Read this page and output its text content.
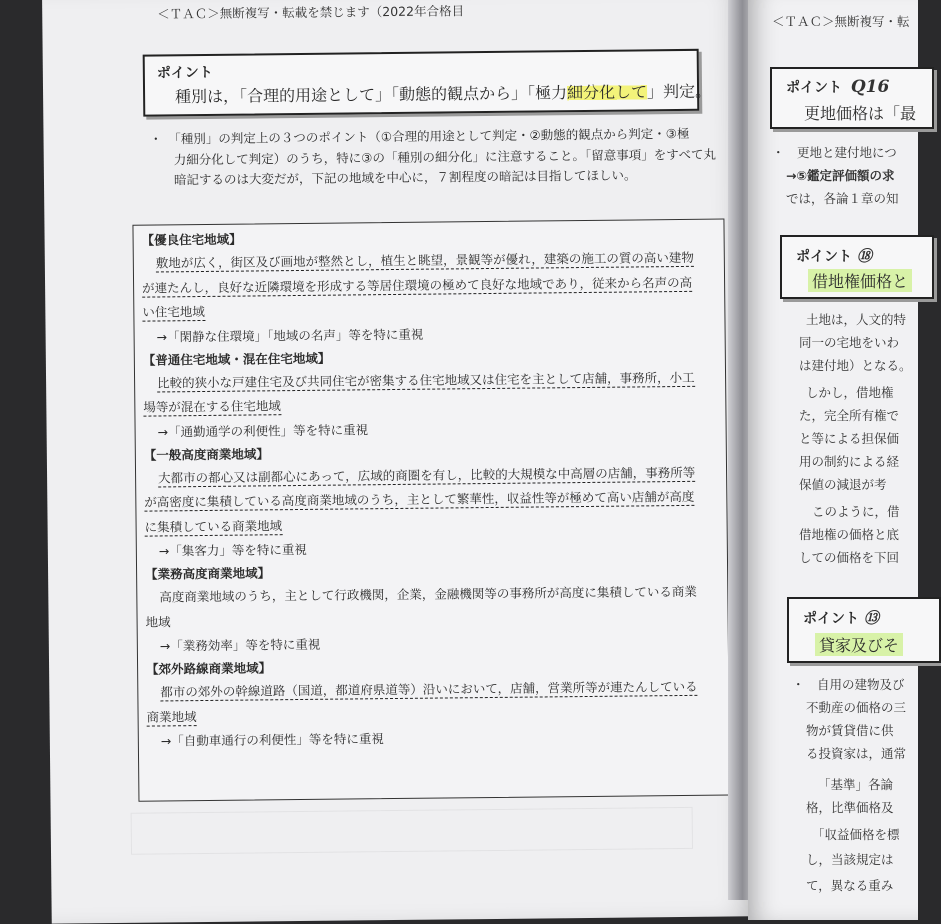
＜ＴＡＣ＞無断複写・転載を禁じます（2022年合格目
ポイント
種別は，「合理的用途として」「動態的観点から」「極力細分化して」判定。
・　 「種別」の判定上の３つのポイント（①合理的用途として判定・②動態的観点から判定・③極
力細分化して判定）のうち，特に③の「種別の細分化」に注意すること。「留意事項」をすべて丸
暗記するのは大変だが，下記の地域を中心に，７割程度の暗記は目指してほしい。
【優良住宅地域】
敷地が広く，街区及び画地が整然とし，植生と眺望，景観等が優れ，建築の施工の質の高い建物
が連たんし，良好な近隣環境を形成する等居住環境の極めて良好な地域であり，従来から名声の高
い住宅地域
→「閑静な住環境」「地域の名声」等を特に重視
【普通住宅地域・混在住宅地域】
比較的狭小な戸建住宅及び共同住宅が密集する住宅地域又は住宅を主として店舗，事務所，小工
場等が混在する住宅地域
→「通勤通学の利便性」等を特に重視
【一般高度商業地域】
大都市の都心又は副都心にあって，広域的商圏を有し，比較的大規模な中高層の店舗，事務所等
が高密度に集積している高度商業地域のうち，主として繁華性，収益性等が極めて高い店舗が高度
に集積している商業地域
→「集客力」等を特に重視
【業務高度商業地域】
高度商業地域のうち，主として行政機関，企業，金融機関等の事務所が高度に集積している商業
地域
→「業務効率」等を特に重視
【郊外路線商業地域】
都市の郊外の幹線道路（国道，都道府県道等）沿いにおいて，店舗，営業所等が連たんしている
商業地域
→「自動車通行の利便性」等を特に重視
＜ＴＡＣ＞無断複写・転
ポイント Q16
更地価格は「最
・　更地と建付地につ
→⑤鑑定評価額の求
では，各論１章の知
ポイント ⑱
借地権価格と
土地は，人文的特
同一の宅地をいわ
は建付地）となる。
しかし，借地権
た，完全所有権で
と等による担保価
用の制約による経
保値の減退が考
このように，借
借地権の価格と底
しての価格を下回
ポイント ⑬
貸家及びそ
・　自用の建物及び
不動産の価格の三
物が賃貸借に供
る投資家は，通常
「基準」各論
格，比準価格及
「収益価格を標
し，当該規定は
て，異なる重み
